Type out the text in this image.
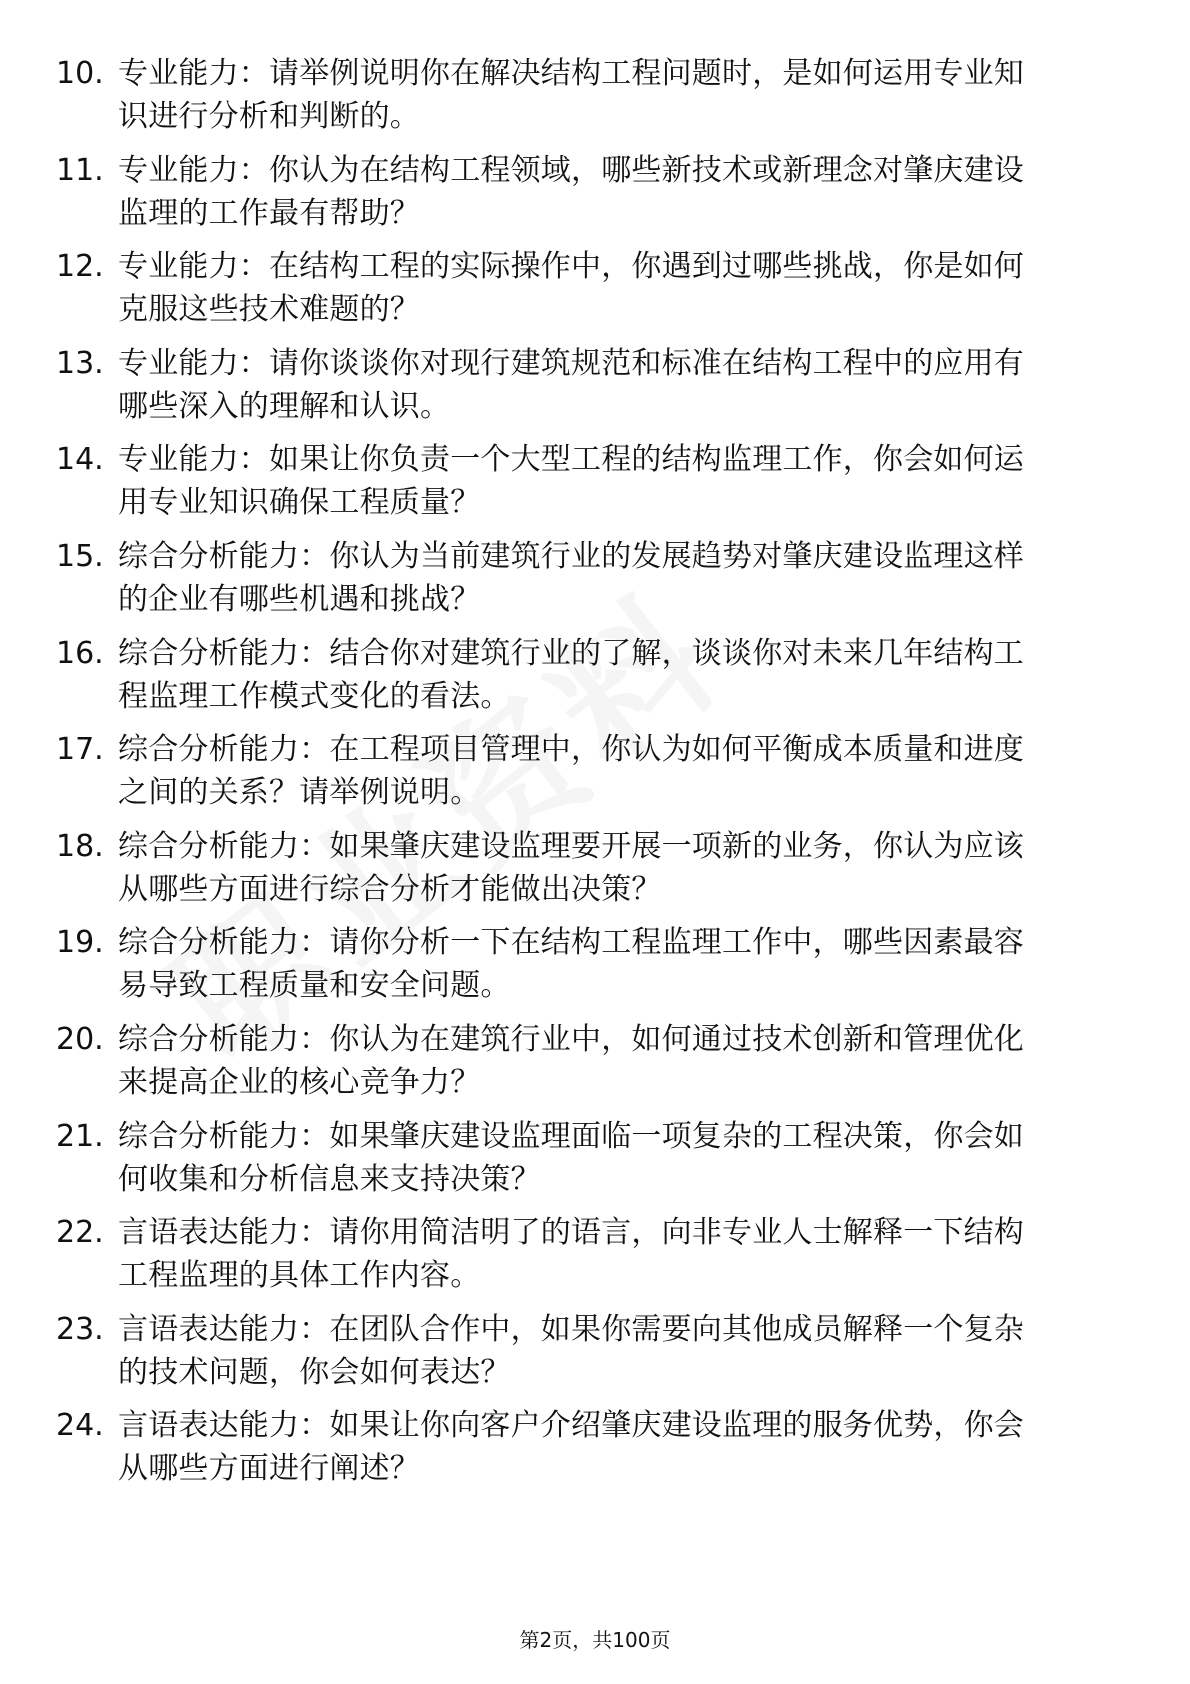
10. 专业能力：请举例说明你在解决结构工程问题时，是如何运用专业知识进行分析和判断的。
11. 专业能力：你认为在结构工程领域，哪些新技术或新理念对肇庆建设监理的工作最有帮助？
12. 专业能力：在结构工程的实际操作中，你遇到过哪些挑战，你是如何克服这些技术难题的？
13. 专业能力：请你谈谈你对现行建筑规范和标准在结构工程中的应用有哪些深入的理解和认识。
14. 专业能力：如果让你负责一个大型工程的结构监理工作，你会如何运用专业知识确保工程质量？
15. 综合分析能力：你认为当前建筑行业的发展趋势对肇庆建设监理这样的企业有哪些机遇和挑战？
16. 综合分析能力：结合你对建筑行业的了解，谈谈你对未来几年结构工程监理工作模式变化的看法。
17. 综合分析能力：在工程项目管理中，你认为如何平衡成本质量和进度之间的关系？请举例说明。
18. 综合分析能力：如果肇庆建设监理要开展一项新的业务，你认为应该从哪些方面进行综合分析才能做出决策？
19. 综合分析能力：请你分析一下在结构工程监理工作中，哪些因素最容易导致工程质量和安全问题。
20. 综合分析能力：你认为在建筑行业中，如何通过技术创新和管理优化来提高企业的核心竞争力？
21. 综合分析能力：如果肇庆建设监理面临一项复杂的工程决策，你会如何收集和分析信息来支持决策？
22. 言语表达能力：请你用简洁明了的语言，向非专业人士解释一下结构工程监理的具体工作内容。
23. 言语表达能力：在团队合作中，如果你需要向其他成员解释一个复杂的技术问题，你会如何表达？
24. 言语表达能力：如果让你向客户介绍肇庆建设监理的服务优势，你会从哪些方面进行阐述？
第2页，共100页
